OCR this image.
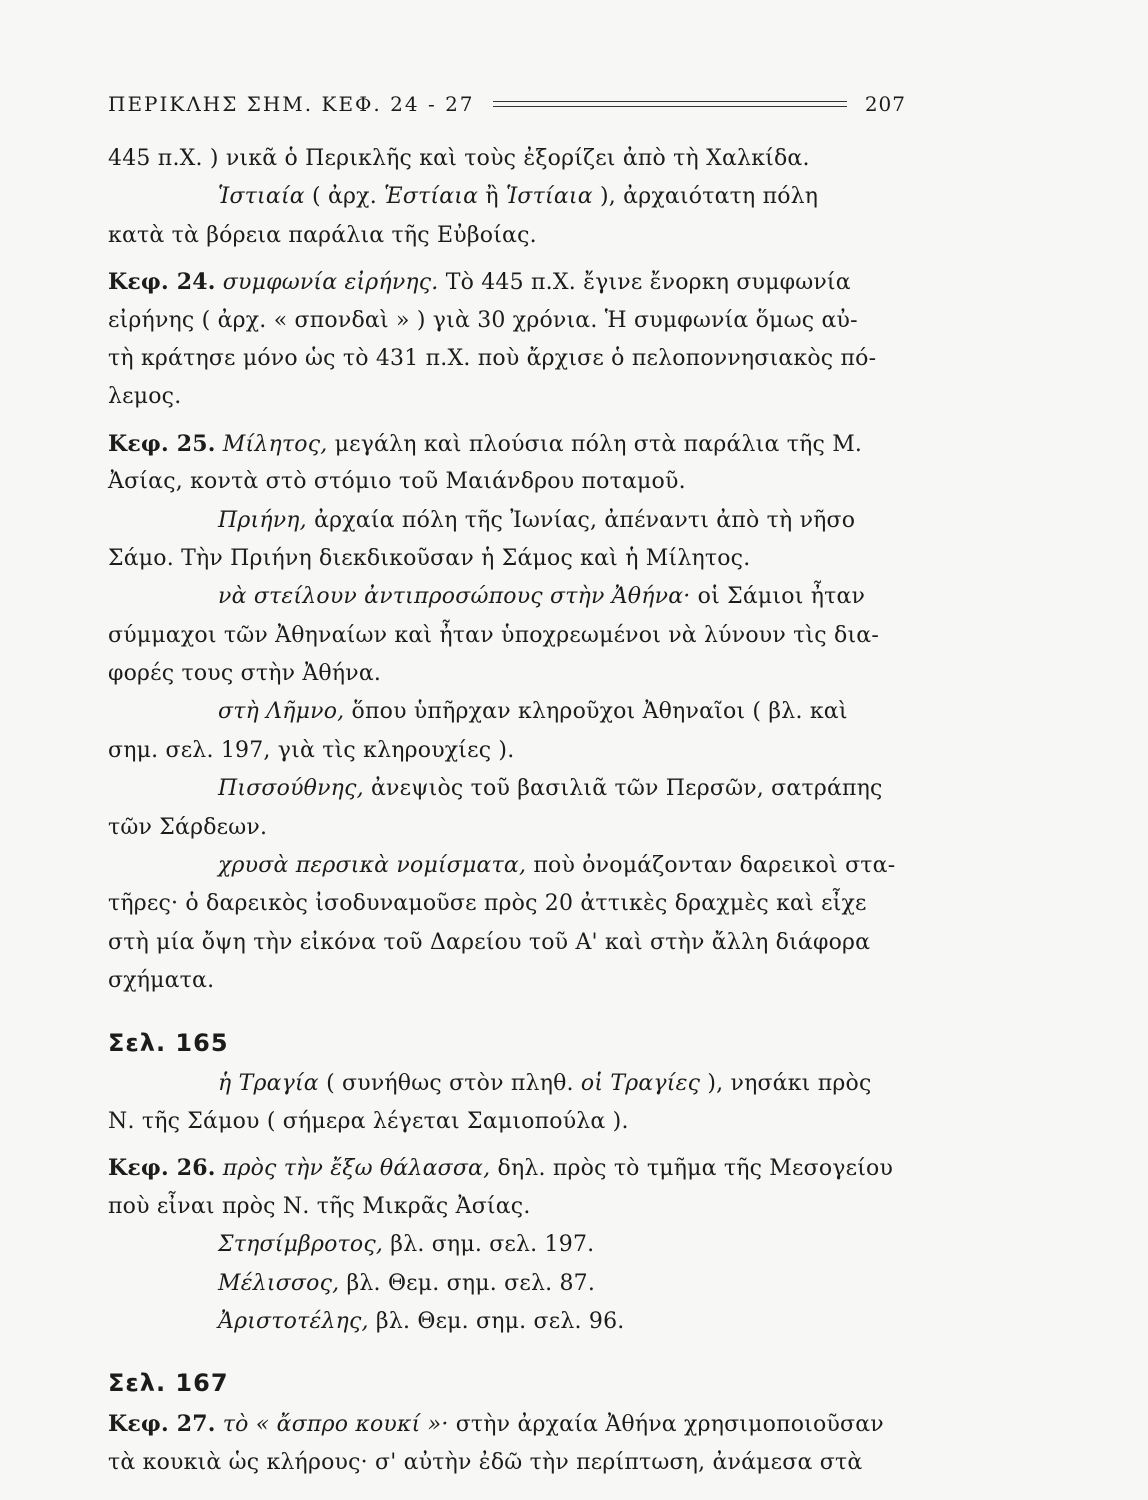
ΠΕΡΙΚΛΗΣ ΣΗΜ. ΚΕΦ. 24 - 27	207
445 π.Χ. ) νικᾶ ὁ Περικλῆς καὶ τοὺς ἐξορίζει ἀπὸ τὴ Χαλκίδα.
Ἱστιαία ( ἀρχ. Ἑστίαια ἢ Ἱστίαια ), ἀρχαιότατη πόλη
κατὰ τὰ βόρεια παράλια τῆς Εὐβοίας.
Κεφ. 24. συμφωνία εἰρήνης. Τὸ 445 π.Χ. ἔγινε ἔνορκη συμφωνία
εἰρήνης ( ἀρχ. « σπονδαὶ » ) γιὰ 30 χρόνια. Ἡ συμφωνία ὅμως αὐ-
τὴ κράτησε μόνο ὡς τὸ 431 π.Χ. ποὺ ἄρχισε ὁ πελοποννησιακὸς πό-
λεμος.
Κεφ. 25. Μίλητος, μεγάλη καὶ πλούσια πόλη στὰ παράλια τῆς Μ.
Ἀσίας, κοντὰ στὸ στόμιο τοῦ Μαιάνδρου ποταμοῦ.
Πριήνη, ἀρχαία πόλη τῆς Ἰωνίας, ἀπέναντι ἀπὸ τὴ νῆσο
Σάμο. Τὴν Πριήνη διεκδικοῦσαν ἡ Σάμος καὶ ἡ Μίλητος.
νὰ στείλουν ἀντιπροσώπους στὴν Ἀθήνα· οἱ Σάμιοι ἦταν
σύμμαχοι τῶν Ἀθηναίων καὶ ἦταν ὑποχρεωμένοι νὰ λύνουν τὶς δια-
φορές τους στὴν Ἀθήνα.
στὴ Λῆμνο, ὅπου ὑπῆρχαν κληροῦχοι Ἀθηναῖοι ( βλ. καὶ
σημ. σελ. 197, γιὰ τὶς κληρουχίες ).
Πισσούθνης, ἀνεψιὸς τοῦ βασιλιᾶ τῶν Περσῶν, σατράπης
τῶν Σάρδεων.
χρυσὰ περσικὰ νομίσματα, ποὺ ὀνομάζονταν δαρεικοὶ στα-
τῆρες· ὁ δαρεικὸς ἰσοδυναμοῦσε πρὸς 20 ἀττικὲς δραχμὲς καὶ εἶχε
στὴ μία ὄψη τὴν εἰκόνα τοῦ Δαρείου τοῦ Α' καὶ στὴν ἄλλη διάφορα
σχήματα.
Σελ. 165
ἡ Τραγία ( συνήθως στὸν πληθ. οἱ Τραγίες ), νησάκι πρὸς
Ν. τῆς Σάμου ( σήμερα λέγεται Σαμιοπούλα ).
Κεφ. 26. πρὸς τὴν ἔξω θάλασσα, δηλ. πρὸς τὸ τμῆμα τῆς Μεσογείου
ποὺ εἶναι πρὸς Ν. τῆς Μικρᾶς Ἀσίας.
Στησίμβροτος, βλ. σημ. σελ. 197.
Μέλισσος, βλ. Θεμ. σημ. σελ. 87.
Ἀριστοτέλης, βλ. Θεμ. σημ. σελ. 96.
Σελ. 167
Κεφ. 27. τὸ « ἄσπρο κουκί »· στὴν ἀρχαία Ἀθήνα χρησιμοποιοῦσαν
τὰ κουκιὰ ὡς κλήρους· σ' αὐτὴν ἐδῶ τὴν περίπτωση, ἀνάμεσα στὰ
